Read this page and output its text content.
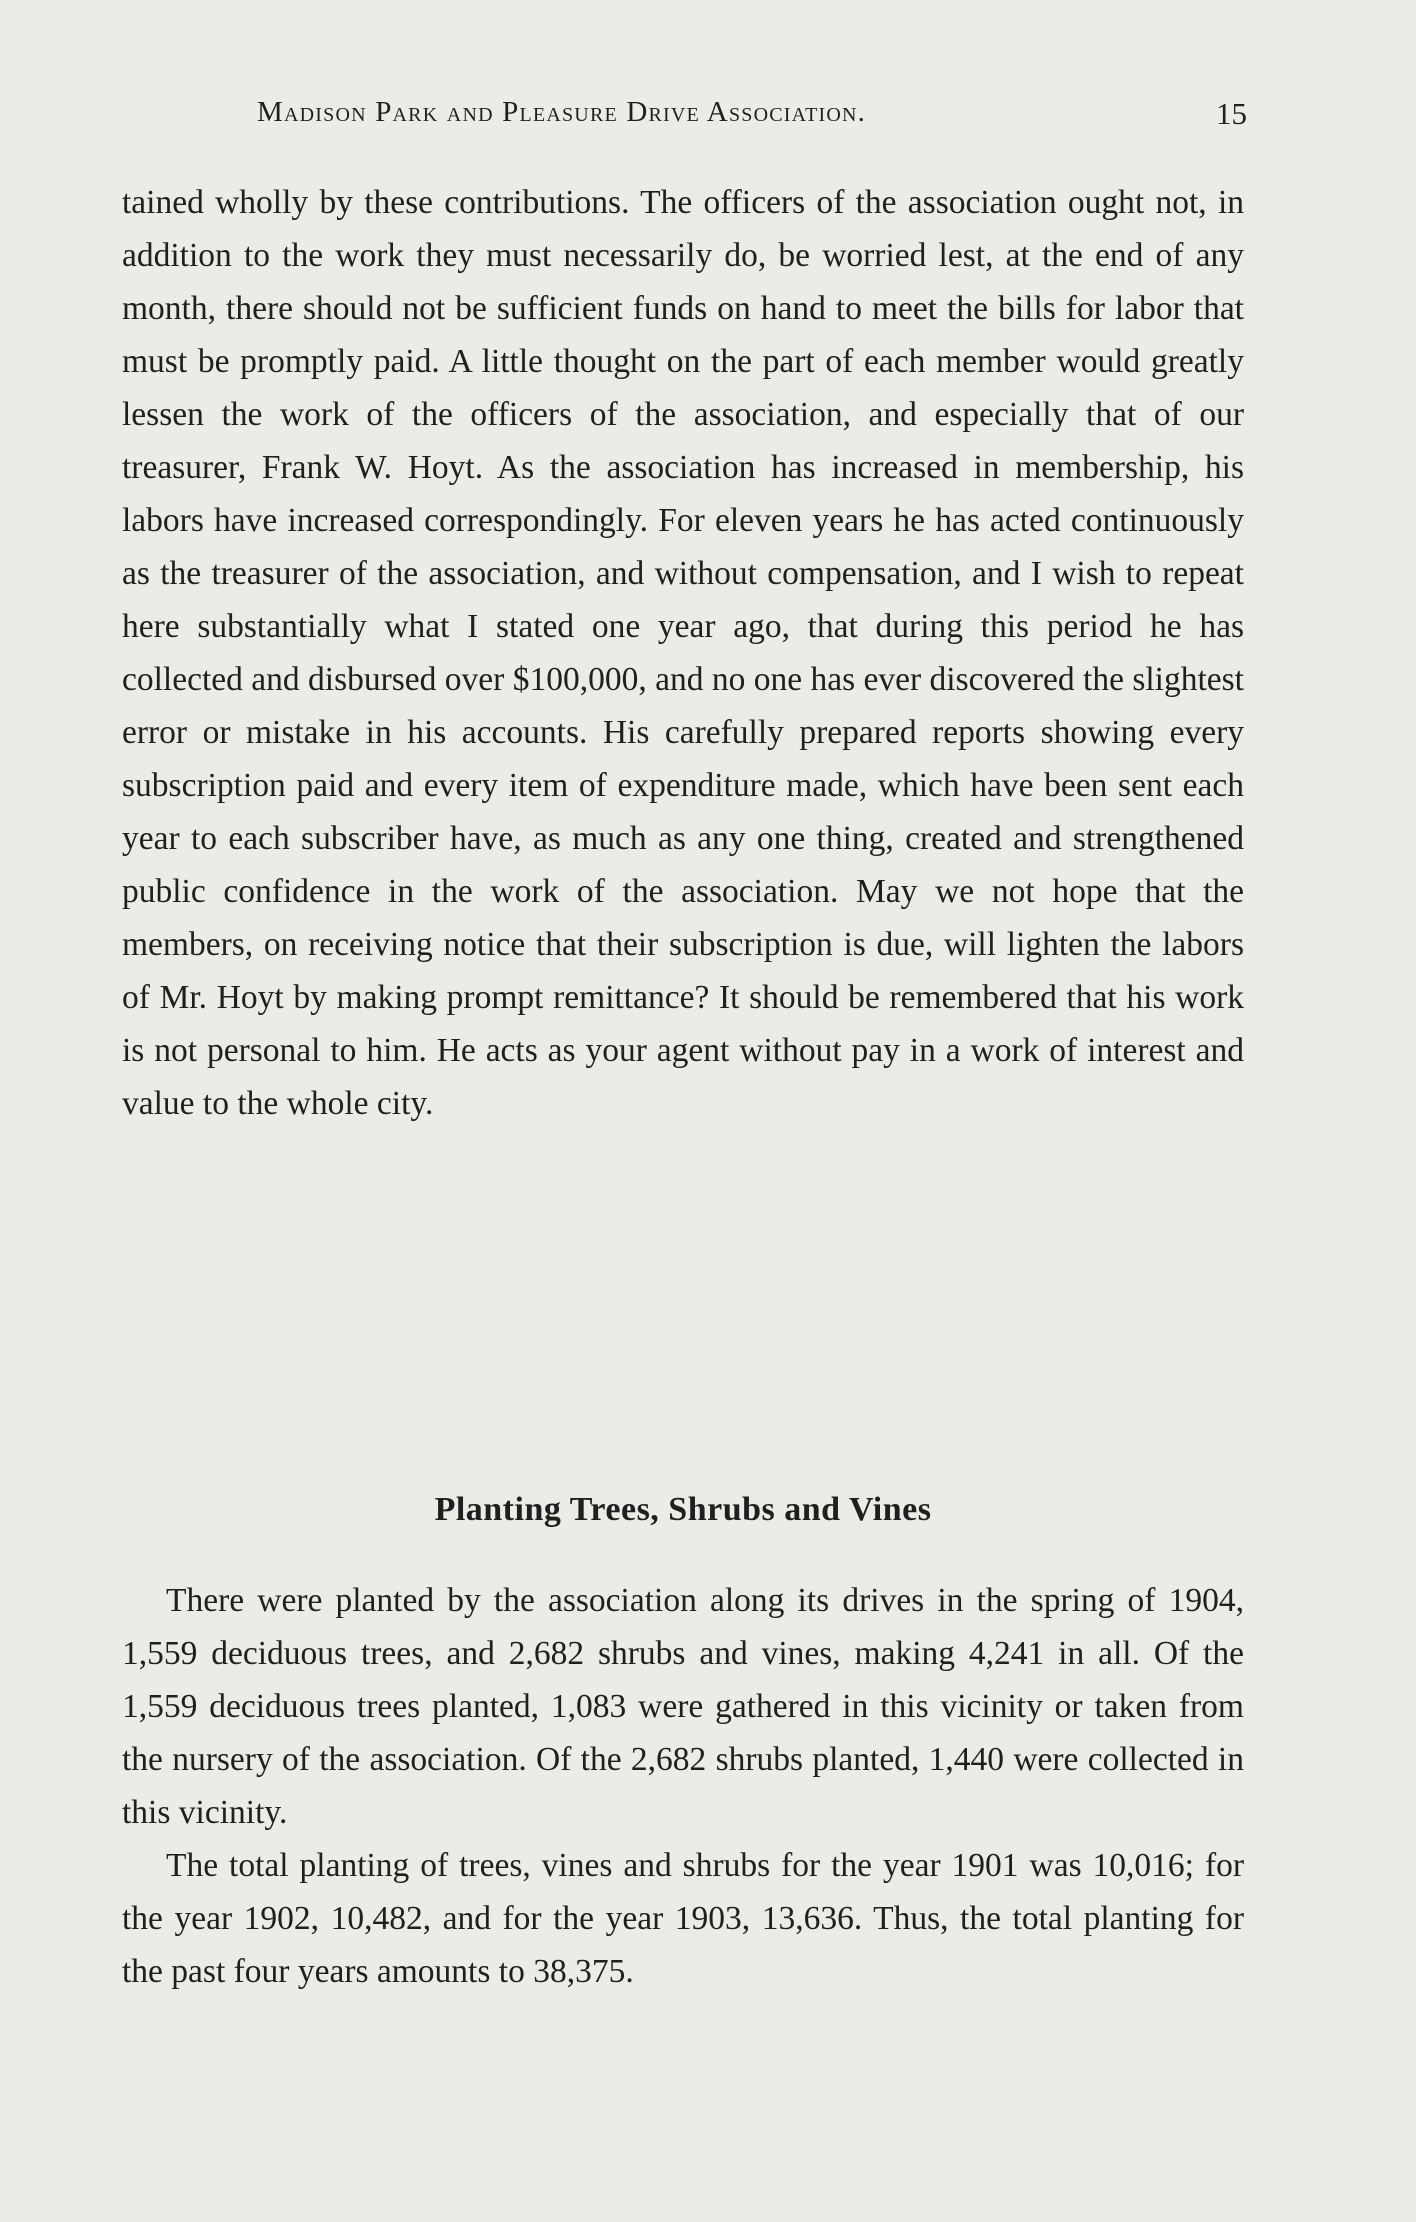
Madison Park and Pleasure Drive Association.	15

tained wholly by these contributions. The officers of the association ought not, in addition to the work they must necessarily do, be worried lest, at the end of any month, there should not be sufficient funds on hand to meet the bills for labor that must be promptly paid. A little thought on the part of each member would greatly lessen the work of the officers of the association, and especially that of our treasurer, Frank W. Hoyt. As the association has increased in membership, his labors have increased correspondingly. For eleven years he has acted continuously as the treasurer of the association, and without compensation, and I wish to repeat here substantially what I stated one year ago, that during this period he has collected and disbursed over $100,000, and no one has ever discovered the slightest error or mistake in his accounts. His carefully prepared reports showing every subscription paid and every item of expenditure made, which have been sent each year to each subscriber have, as much as any one thing, created and strengthened public confidence in the work of the association. May we not hope that the members, on receiving notice that their subscription is due, will lighten the labors of Mr. Hoyt by making prompt remittance? It should be remembered that his work is not personal to him. He acts as your agent without pay in a work of interest and value to the whole city.

Planting Trees, Shrubs and Vines

There were planted by the association along its drives in the spring of 1904, 1,559 deciduous trees, and 2,682 shrubs and vines, making 4,241 in all. Of the 1,559 deciduous trees planted, 1,083 were gathered in this vicinity or taken from the nursery of the association. Of the 2,682 shrubs planted, 1,440 were collected in this vicinity.

The total planting of trees, vines and shrubs for the year 1901 was 10,016; for the year 1902, 10,482, and for the year 1903, 13,636. Thus, the total planting for the past four years amounts to 38,375.
